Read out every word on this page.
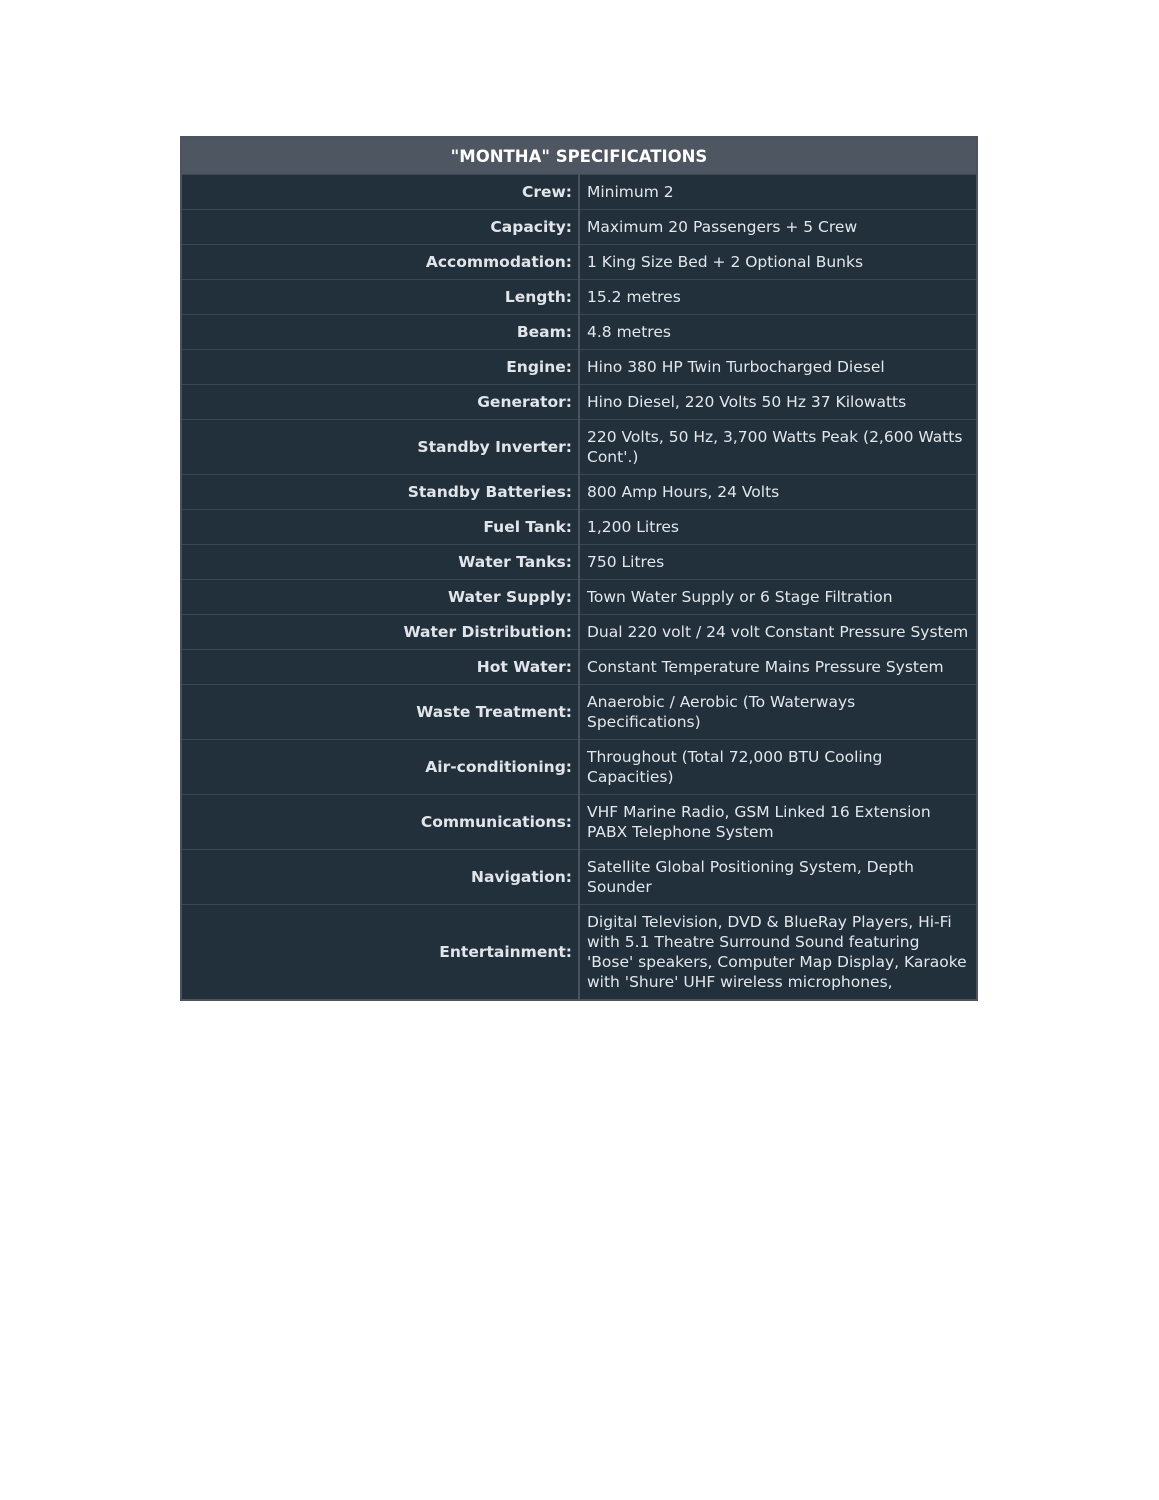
"MONTHA" SPECIFICATIONS	
Crew:	Minimum 2
Capacity:	Maximum 20 Passengers + 5 Crew
Accommodation:	1 King Size Bed + 2 Optional Bunks
Length:	15.2 metres
Beam:	4.8 metres
Engine:	Hino 380 HP Twin Turbocharged Diesel
Generator:	Hino Diesel, 220 Volts 50 Hz 37 Kilowatts
Standby Inverter:	220 Volts, 50 Hz, 3,700 Watts Peak (2,600 Watts Cont'.)
Standby Batteries:	800 Amp Hours, 24 Volts
Fuel Tank:	1,200 Litres
Water Tanks:	750 Litres
Water Supply:	Town Water Supply or 6 Stage Filtration
Water Distribution:	Dual 220 volt / 24 volt Constant Pressure System
Hot Water:	Constant Temperature Mains Pressure System
Waste Treatment:	Anaerobic / Aerobic (To Waterways Specifications)
Air-conditioning:	Throughout (Total 72,000 BTU Cooling Capacities)
Communications:	VHF Marine Radio, GSM Linked 16 Extension PABX Telephone System
Navigation:	Satellite Global Positioning System, Depth Sounder
Entertainment:	Digital Television, DVD & BlueRay Players, Hi-Fi with 5.1 Theatre Surround Sound featuring 'Bose' speakers, Computer Map Display, Karaoke with 'Shure' UHF wireless microphones,
